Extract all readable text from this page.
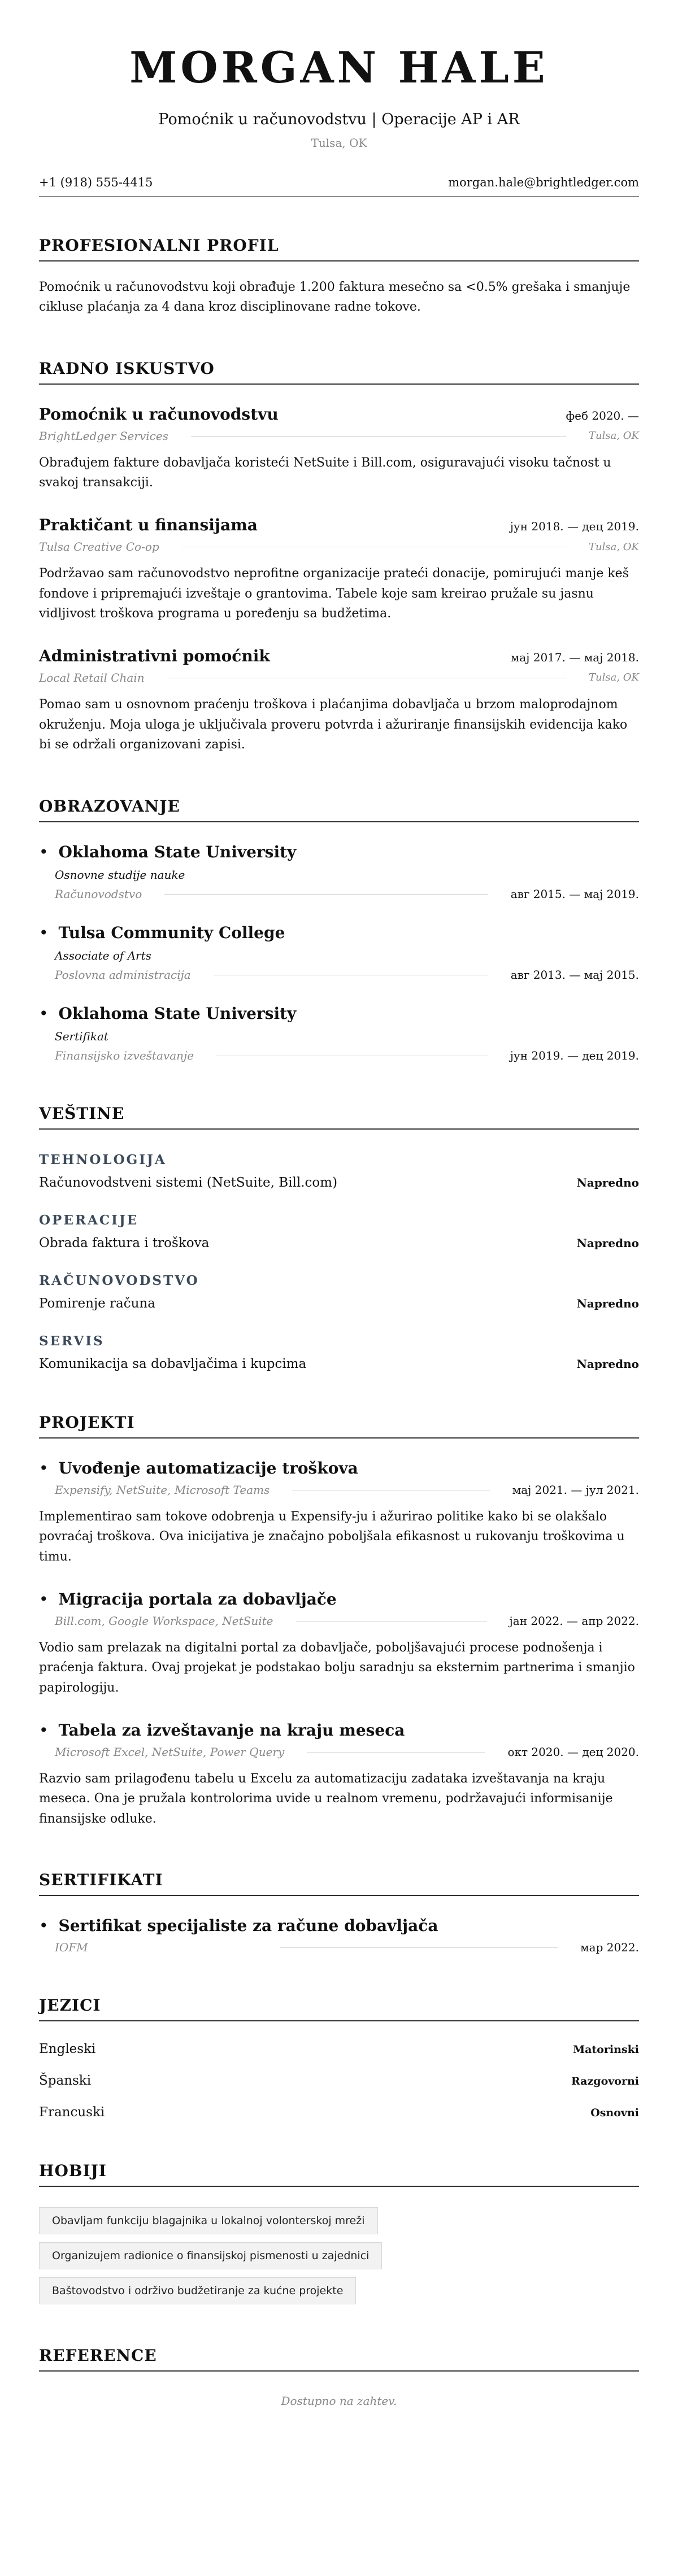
MORGAN HALE
Pomoćnik u računovodstvu | Operacije AP i AR
Tulsa, OK
+1 (918) 555-4415	morgan.hale@brightledger.com
PROFESIONALNI PROFIL
Pomoćnik u računovodstvu koji obrađuje 1.200 faktura mesečno sa <0.5% grešaka i smanjuje cikluse plaćanja za 4 dana kroz disciplinovane radne tokove.
RADNO ISKUSTVO
Pomoćnik u računovodstvu	феб 2020. —
BrightLedger Services	Tulsa, OK
Obrađujem fakture dobavljača koristeći NetSuite i Bill.com, osiguravajući visoku tačnost u svakoj transakciji.
Praktičant u finansijama	јун 2018. — дец 2019.
Tulsa Creative Co-op	Tulsa, OK
Podržavao sam računovodstvo neprofitne organizacije prateći donacije, pomirujući manje keš fondove i pripremajući izveštaje o grantovima. Tabele koje sam kreirao pružale su jasnu vidljivost troškova programa u poređenju sa budžetima.
Administrativni pomoćnik	мај 2017. — мај 2018.
Local Retail Chain	Tulsa, OK
Pomao sam u osnovnom praćenju troškova i plaćanjima dobavljača u brzom maloprodajnom okruženju. Moja uloga je uključivala proveru potvrda i ažuriranje finansijskih evidencija kako bi se održali organizovani zapisi.
OBRAZOVANJE
• Oklahoma State University
Osnovne studije nauke
Računovodstvo	авг 2015. — мај 2019.
• Tulsa Community College
Associate of Arts
Poslovna administracija	авг 2013. — мај 2015.
• Oklahoma State University
Sertifikat
Finansijsko izveštavanje	јун 2019. — дец 2019.
VEŠTINE
TEHNOLOGIJA
Računovodstveni sistemi (NetSuite, Bill.com)	Napredno
OPERACIJE
Obrada faktura i troškova	Napredno
RAČUNOVODSTVO
Pomirenje računa	Napredno
SERVIS
Komunikacija sa dobavljačima i kupcima	Napredno
PROJEKTI
• Uvođenje automatizacije troškova
Expensify, NetSuite, Microsoft Teams	мај 2021. — јул 2021.
Implementirao sam tokove odobrenja u Expensify-ju i ažurirao politike kako bi se olakšalo povraćaj troškova. Ova inicijativa je značajno poboljšala efikasnost u rukovanju troškovima u timu.
• Migracija portala za dobavljače
Bill.com, Google Workspace, NetSuite	јан 2022. — апр 2022.
Vodio sam prelazak na digitalni portal za dobavljače, poboljšavajući procese podnošenja i praćenja faktura. Ovaj projekat je podstakao bolju saradnju sa eksternim partnerima i smanjio papirologiju.
• Tabela za izveštavanje na kraju meseca
Microsoft Excel, NetSuite, Power Query	окт 2020. — дец 2020.
Razvio sam prilagođenu tabelu u Excelu za automatizaciju zadataka izveštavanja na kraju meseca. Ona je pružala kontrolorima uvide u realnom vremenu, podržavajući informisanije finansijske odluke.
SERTIFIKATI
• Sertifikat specijaliste za račune dobavljača
IOFM	мар 2022.
JEZICI
Engleski	Matorinski
Španski	Razgovorni
Francuski	Osnovni
HOBIJI
Obavljam funkciju blagajnika u lokalnoj volonterskoj mreži
Organizujem radionice o finansijskoj pismenosti u zajednici
Baštovodstvo i održivo budžetiranje za kućne projekte
REFERENCE
Dostupno na zahtev.
